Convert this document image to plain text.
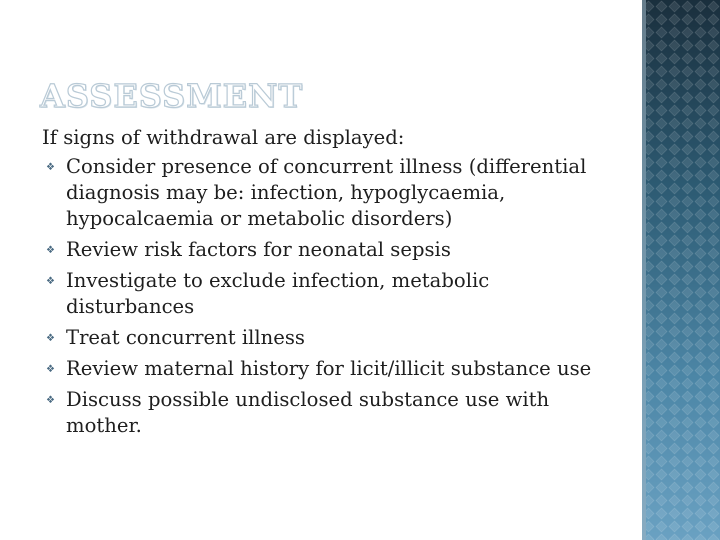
ASSESSMENT

If signs of withdrawal are displayed:

❖ Consider presence of concurrent illness (differential diagnosis may be: infection, hypoglycaemia, hypocalcaemia or metabolic disorders)
❖ Review risk factors for neonatal sepsis
❖ Investigate to exclude infection, metabolic disturbances
❖ Treat concurrent illness
❖ Review maternal history for licit/illicit substance use
❖ Discuss possible undisclosed substance use with mother.
